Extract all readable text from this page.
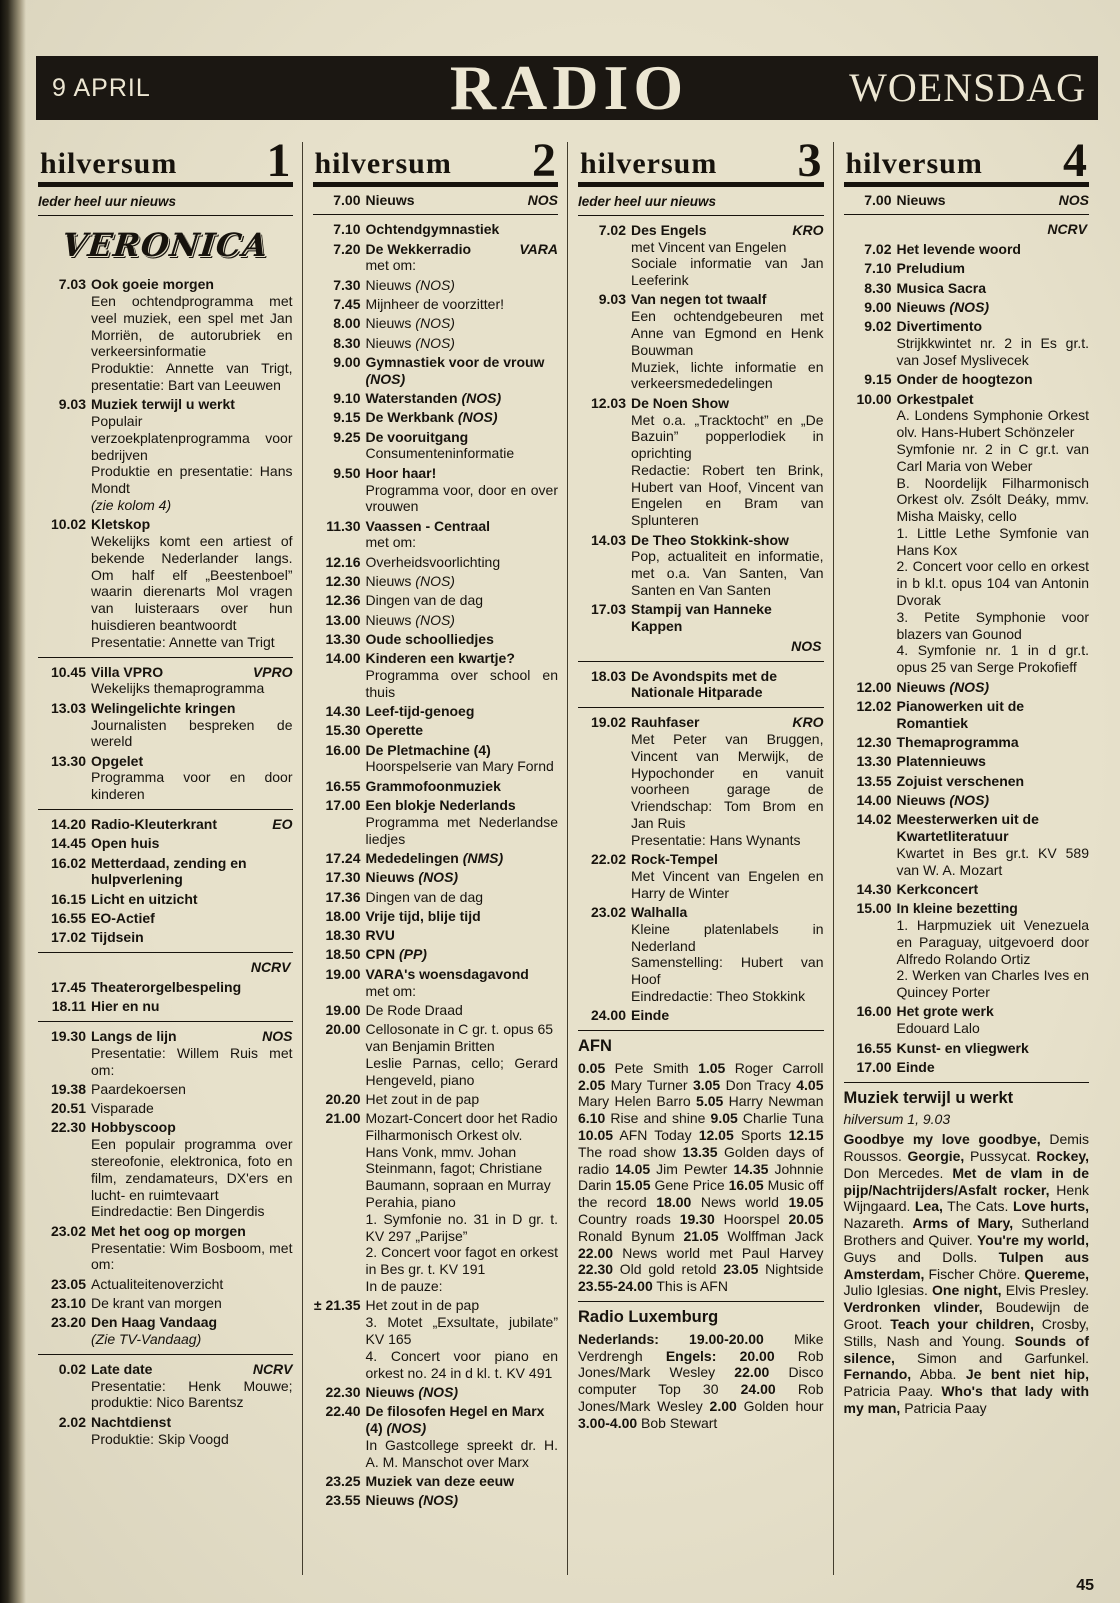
9 APRIL	RADIO	WOENSDAG
hilversum 1
Ieder heel uur nieuws
VERONICA
7.03 Ook goeie morgen
Een ochtendprogramma met veel muziek, een spel met Jan Morriën, de autorubriek en verkeersinformatie
Produktie: Annette van Trigt, presentatie: Bart van Leeuwen
9.03 Muziek terwijl u werkt
Populair verzoekplatenprogramma voor bedrijven
Produktie en presentatie: Hans Mondt
(zie kolom 4)
10.02 Kletskop
Wekelijks komt een artiest of bekende Nederlander langs. Om half elf „Beestenboel” waarin dierenarts Mol vragen van luisteraars over hun huisdieren beantwoordt
Presentatie: Annette van Trigt
10.45 Villa VPRO	VPRO
Wekelijks themaprogramma
13.03 Welingelichte kringen
Journalisten bespreken de wereld
13.30 Opgelet
Programma voor en door kinderen
14.20 Radio-Kleuterkrant	EO
14.45 Open huis
16.02 Metterdaad, zending en hulpverlening
16.15 Licht en uitzicht
16.55 EO-Actief
17.02 Tijdsein
NCRV
17.45 Theaterorgelbespeling
18.11 Hier en nu
19.30 Langs de lijn	NOS
Presentatie: Willem Ruis met om:
19.38 Paardekoersen
20.51 Visparade
22.30 Hobbyscoop
Een populair programma over stereofonie, elektronica, foto en film, zendamateurs, DX'ers en lucht- en ruimtevaart
Eindredactie: Ben Dingerdis
23.02 Met het oog op morgen
Presentatie: Wim Bosboom, met om:
23.05 Actualiteitenoverzicht
23.10 De krant van morgen
23.20 Den Haag Vandaag
(Zie TV-Vandaag)
0.02 Late date	NCRV
Presentatie: Henk Mouwe; produktie: Nico Barentsz
2.02 Nachtdienst
Produktie: Skip Voogd
hilversum 2
7.00 Nieuws	NOS
7.10 Ochtendgymnastiek
7.20 De Wekkerradio	VARA
met om:
7.30 Nieuws (NOS)
7.45 Mijnheer de voorzitter!
8.00 Nieuws (NOS)
8.30 Nieuws (NOS)
9.00 Gymnastiek voor de vrouw (NOS)
9.10 Waterstanden (NOS)
9.15 De Werkbank (NOS)
9.25 De vooruitgang
Consumenteninformatie
9.50 Hoor haar!
Programma voor, door en over vrouwen
11.30 Vaassen - Centraal
met om:
12.16 Overheidsvoorlichting
12.30 Nieuws (NOS)
12.36 Dingen van de dag
13.00 Nieuws (NOS)
13.30 Oude schoolliedjes
14.00 Kinderen een kwartje?
Programma over school en thuis
14.30 Leef-tijd-genoeg
15.30 Operette
16.00 De Pletmachine (4)
Hoorspelserie van Mary Fornd
16.55 Grammofoonmuziek
17.00 Een blokje Nederlands
Programma met Nederlandse liedjes
17.24 Mededelingen (NMS)
17.30 Nieuws (NOS)
17.36 Dingen van de dag
18.00 Vrije tijd, blije tijd
18.30 RVU
18.50 CPN (PP)
19.00 VARA's woensdagavond
met om:
19.00 De Rode Draad
20.00 Cellosonate in C gr. t. opus 65 van Benjamin Britten
Leslie Parnas, cello; Gerard Hengeveld, piano
20.20 Het zout in de pap
21.00 Mozart-Concert door het Radio Filharmonisch Orkest olv. Hans Vonk, mmv. Johan Steinmann, fagot; Christiane Baumann, sopraan en Murray Perahia, piano
1. Symfonie no. 31 in D gr. t. KV 297 „Parijse”
2. Concert voor fagot en orkest in Bes gr. t. KV 191
In de pauze:
± 21.35 Het zout in de pap
3. Motet „Exsultate, jubilate” KV 165
4. Concert voor piano en orkest no. 24 in d kl. t. KV 491
22.30 Nieuws (NOS)
22.40 De filosofen Hegel en Marx (4) (NOS)
In Gastcollege spreekt dr. H. A. M. Manschot over Marx
23.25 Muziek van deze eeuw
23.55 Nieuws (NOS)
hilversum 3
Ieder heel uur nieuws
7.02 Des Engels	KRO
met Vincent van Engelen
Sociale informatie van Jan Leeferink
9.03 Van negen tot twaalf
Een ochtendgebeuren met Anne van Egmond en Henk Bouwman
Muziek, lichte informatie en verkeersmededelingen
12.03 De Noen Show
Met o.a. „Tracktocht” en „De Bazuin” popperlodiek in oprichting
Redactie: Robert ten Brink, Hubert van Hoof, Vincent van Engelen en Bram van Splunteren
14.03 De Theo Stokkink-show
Pop, actualiteit en informatie, met o.a. Van Santen, Van Santen en Van Santen
17.03 Stampij van Hanneke Kappen
NOS
18.03 De Avondspits met de Nationale Hitparade
19.02 Rauhfaser	KRO
Met Peter van Bruggen, Vincent van Merwijk, de Hypochonder en vanuit voorheen garage de Vriendschap: Tom Brom en Jan Ruis
Presentatie: Hans Wynants
22.02 Rock-Tempel
Met Vincent van Engelen en Harry de Winter
23.02 Walhalla
Kleine platenlabels in Nederland
Samenstelling: Hubert van Hoof
Eindredactie: Theo Stokkink
24.00 Einde
AFN
0.05 Pete Smith 1.05 Roger Carroll 2.05 Mary Turner 3.05 Don Tracy 4.05 Mary Helen Barro 5.05 Harry Newman 6.10 Rise and shine 9.05 Charlie Tuna 10.05 AFN Today 12.05 Sports 12.15 The road show 13.35 Golden days of radio 14.05 Jim Pewter 14.35 Johnnie Darin 15.05 Gene Price 16.05 Music off the record 18.00 News world 19.05 Country roads 19.30 Hoorspel 20.05 Ronald Bynum 21.05 Wolffman Jack 22.00 News world met Paul Harvey 22.30 Old gold retold 23.05 Nightside 23.55-24.00 This is AFN
Radio Luxemburg
Nederlands: 19.00-20.00 Mike Verdrengh Engels: 20.00 Rob Jones/Mark Wesley 22.00 Disco computer Top 30 24.00 Rob Jones/Mark Wesley 2.00 Golden hour 3.00-4.00 Bob Stewart
hilversum 4
7.00 Nieuws	NOS
NCRV
7.02 Het levende woord
7.10 Preludium
8.30 Musica Sacra
9.00 Nieuws (NOS)
9.02 Divertimento
Strijkkwintet nr. 2 in Es gr.t. van Josef Myslivecek
9.15 Onder de hoogtezon
10.00 Orkestpalet
A. Londens Symphonie Orkest olv. Hans-Hubert Schönzeler
Symfonie nr. 2 in C gr.t. van Carl Maria von Weber
B. Noordelijk Filharmonisch Orkest olv. Zsólt Deáky, mmv. Misha Maisky, cello
1. Little Lethe Symfonie van Hans Kox
2. Concert voor cello en orkest in b kl.t. opus 104 van Antonin Dvorak
3. Petite Symphonie voor blazers van Gounod
4. Symfonie nr. 1 in d gr.t. opus 25 van Serge Prokofieff
12.00 Nieuws (NOS)
12.02 Pianowerken uit de Romantiek
12.30 Themaprogramma
13.30 Platennieuws
13.55 Zojuist verschenen
14.00 Nieuws (NOS)
14.02 Meesterwerken uit de Kwartetliteratuur
Kwartet in Bes gr.t. KV 589 van W. A. Mozart
14.30 Kerkconcert
15.00 In kleine bezetting
1. Harpmuziek uit Venezuela en Paraguay, uitgevoerd door Alfredo Rolando Ortiz
2. Werken van Charles Ives en Quincey Porter
16.00 Het grote werk
Edouard Lalo
16.55 Kunst- en vliegwerk
17.00 Einde
Muziek terwijl u werkt
hilversum 1, 9.03
Goodbye my love goodbye, Demis Roussos. Georgie, Pussycat. Rockey, Don Mercedes. Met de vlam in de pijp/Nachtrijders/Asfalt rocker, Henk Wijngaard. Lea, The Cats. Love hurts, Nazareth. Arms of Mary, Sutherland Brothers and Quiver. You're my world, Guys and Dolls. Tulpen aus Amsterdam, Fischer Chöre. Quereme, Julio Iglesias. One night, Elvis Presley. Verdronken vlinder, Boudewijn de Groot. Teach your children, Crosby, Stills, Nash and Young. Sounds of silence, Simon and Garfunkel. Fernando, Abba. Je bent niet hip, Patricia Paay. Who's that lady with my man, Patricia Paay
45
